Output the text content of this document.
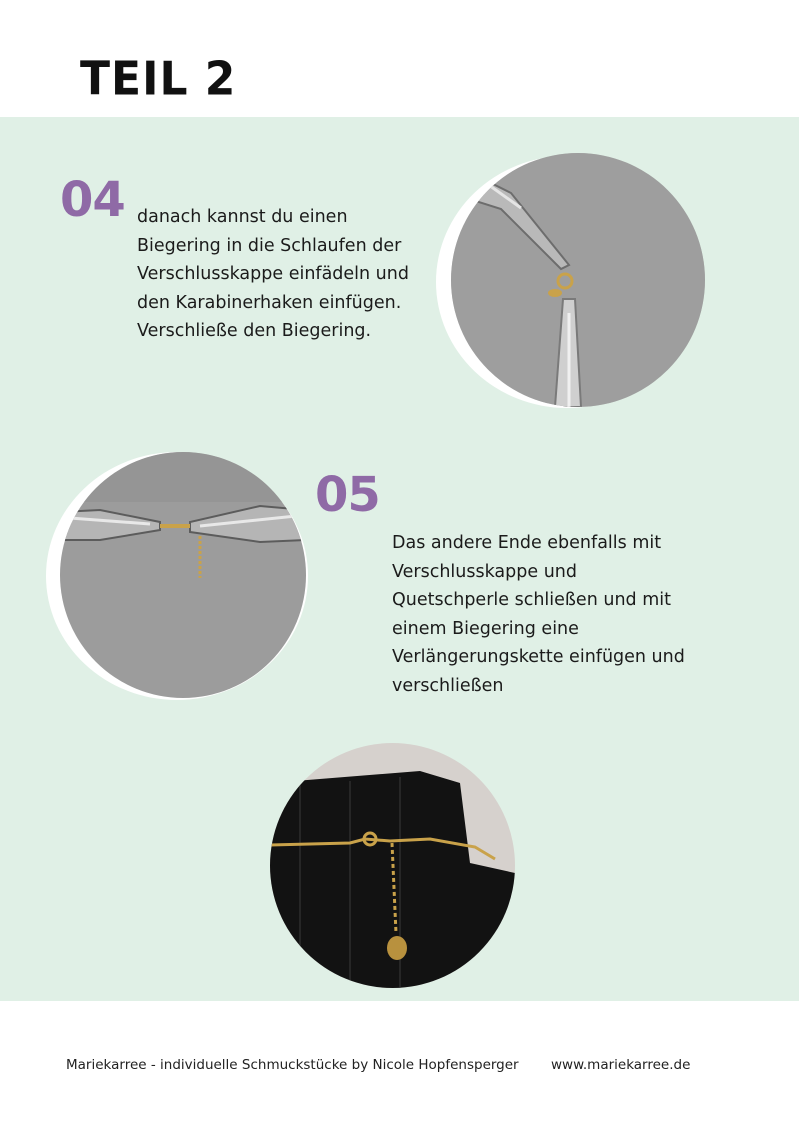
TEIL 2
04 danach kannst du einen
Biegering in die Schlaufen der
Verschlusskappe einfädeln und
den Karabinerhaken einfügen.
Verschließe den Biegering.
05
Das andere Ende ebenfalls mit
Verschlusskappe und
Quetschperle schließen und mit
einem Biegering eine
Verlängerungskette einfügen und
verschließen
Mariekarree - individuelle Schmuckstücke by Nicole Hopfensperger www.mariekarree.de
